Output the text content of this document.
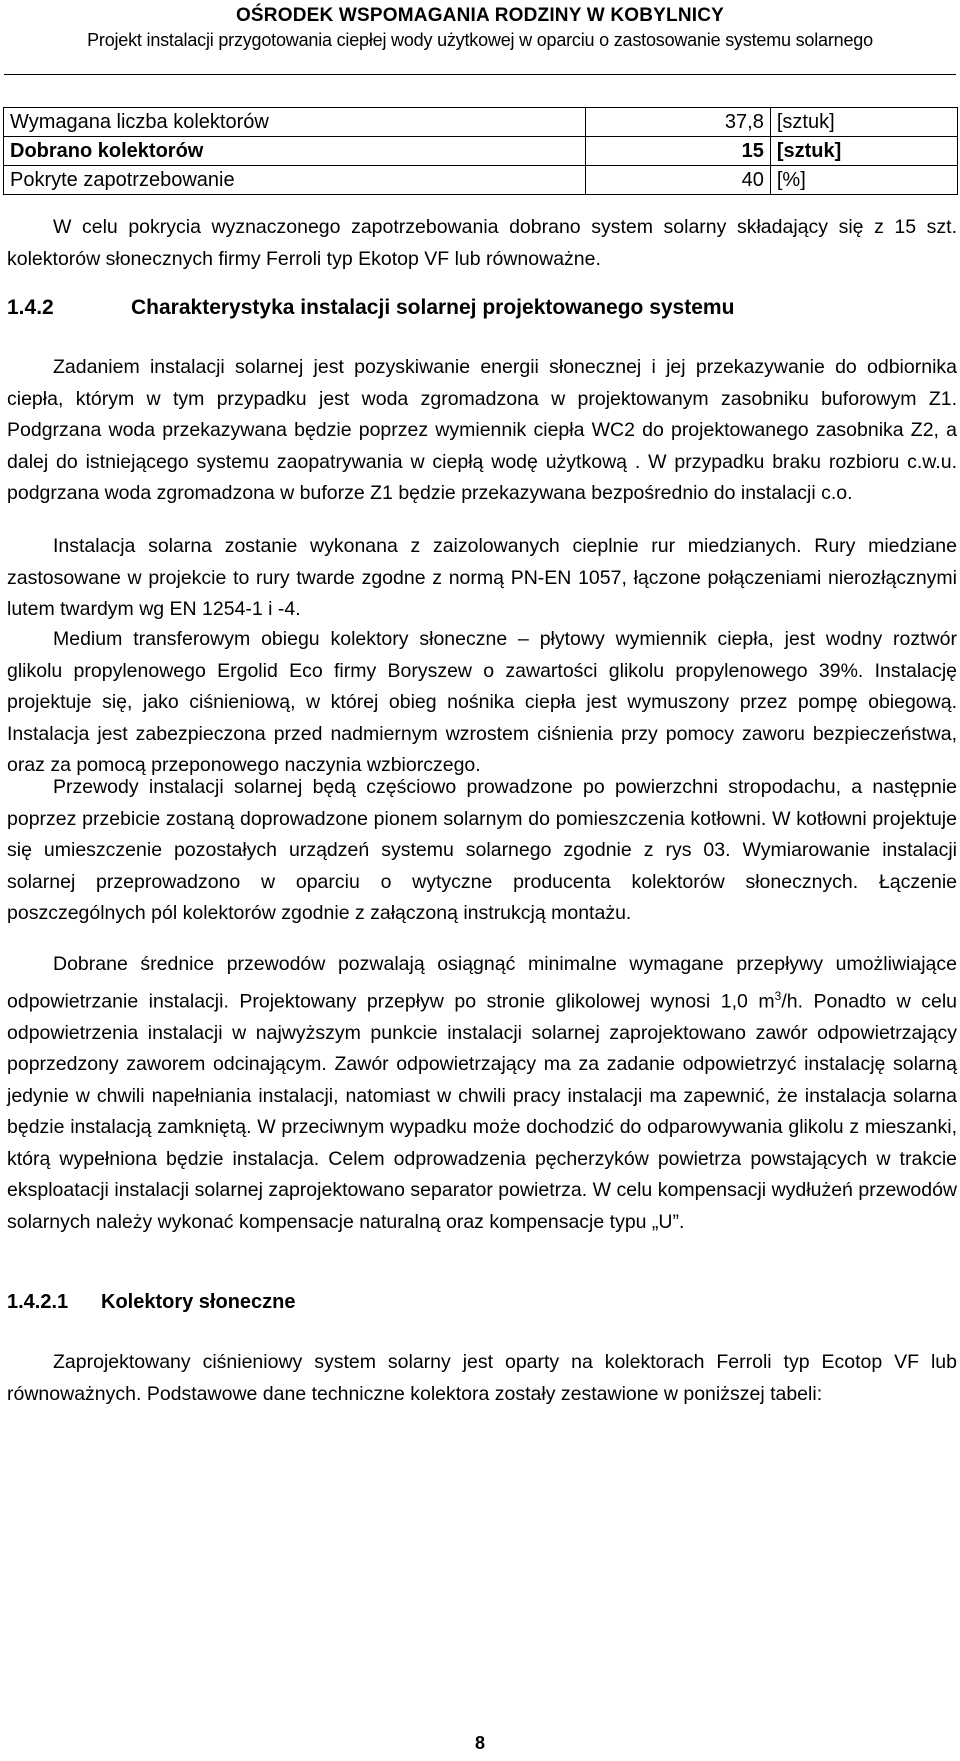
OŚRODEK WSPOMAGANIA RODZINY W KOBYLNICY
Projekt instalacji przygotowania ciepłej wody użytkowej w oparciu o zastosowanie systemu solarnego
Wymagana liczba kolektorów	37,8	[sztuk]
Dobrano kolektorów	15	[sztuk]
Pokryte zapotrzebowanie	40	[%]

W celu pokrycia wyznaczonego zapotrzebowania dobrano system solarny składający się z 15 szt. kolektorów słonecznych firmy Ferroli typ Ekotop VF lub równoważne.

1.4.2	Charakterystyka instalacji solarnej projektowanego systemu

Zadaniem instalacji solarnej jest pozyskiwanie energii słonecznej i jej przekazywanie do odbiornika ciepła, którym w tym przypadku jest woda zgromadzona w projektowanym zasobniku buforowym Z1. Podgrzana woda przekazywana będzie poprzez wymiennik ciepła WC2 do projektowanego zasobnika Z2, a dalej do istniejącego systemu zaopatrywania w ciepłą wodę użytkową . W przypadku braku rozbioru c.w.u. podgrzana woda zgromadzona w buforze Z1 będzie przekazywana bezpośrednio do instalacji c.o.

Instalacja solarna zostanie wykonana z zaizolowanych cieplnie rur miedzianych. Rury miedziane zastosowane w projekcie to rury twarde zgodne z normą PN-EN 1057, łączone połączeniami nierozłącznymi lutem twardym wg EN 1254-1 i -4.

Medium transferowym obiegu kolektory słoneczne – płytowy wymiennik ciepła, jest wodny roztwór glikolu propylenowego Ergolid Eco firmy Boryszew o zawartości glikolu propylenowego 39%. Instalację projektuje się, jako ciśnieniową, w której obieg nośnika ciepła jest wymuszony przez pompę obiegową. Instalacja jest zabezpieczona przed nadmiernym wzrostem ciśnienia przy pomocy zaworu bezpieczeństwa, oraz za pomocą przeponowego naczynia wzbiorczego.

Przewody instalacji solarnej będą częściowo prowadzone po powierzchni stropodachu, a następnie poprzez przebicie zostaną doprowadzone pionem solarnym do pomieszczenia kotłowni. W kotłowni projektuje się umieszczenie pozostałych urządzeń systemu solarnego zgodnie z rys 03. Wymiarowanie instalacji solarnej przeprowadzono w oparciu o wytyczne producenta kolektorów słonecznych. Łączenie poszczególnych pól kolektorów zgodnie z załączoną instrukcją montażu.

Dobrane średnice przewodów pozwalają osiągnąć minimalne wymagane przepływy umożliwiające odpowietrzanie instalacji. Projektowany przepływ po stronie glikolowej wynosi 1,0 $m^3/h$. Ponadto w celu odpowietrzenia instalacji w najwyższym punkcie instalacji solarnej zaprojektowano zawór odpowietrzający poprzedzony zaworem odcinającym. Zawór odpowietrzający ma za zadanie odpowietrzyć instalację solarną jedynie w chwili napełniania instalacji, natomiast w chwili pracy instalacji ma zapewnić, że instalacja solarna będzie instalacją zamkniętą. W przeciwnym wypadku może dochodzić do odparowywania glikolu z mieszanki, którą wypełniona będzie instalacja. Celem odprowadzenia pęcherzyków powietrza powstających w trakcie eksploatacji instalacji solarnej zaprojektowano separator powietrza. W celu kompensacji wydłużeń przewodów solarnych należy wykonać kompensacje naturalną oraz kompensacje typu „U”.

1.4.2.1 Kolektory słoneczne

Zaprojektowany ciśnieniowy system solarny jest oparty na kolektorach Ferroli typ Ecotop VF lub równoważnych. Podstawowe dane techniczne kolektora zostały zestawione w poniższej tabeli:

8
